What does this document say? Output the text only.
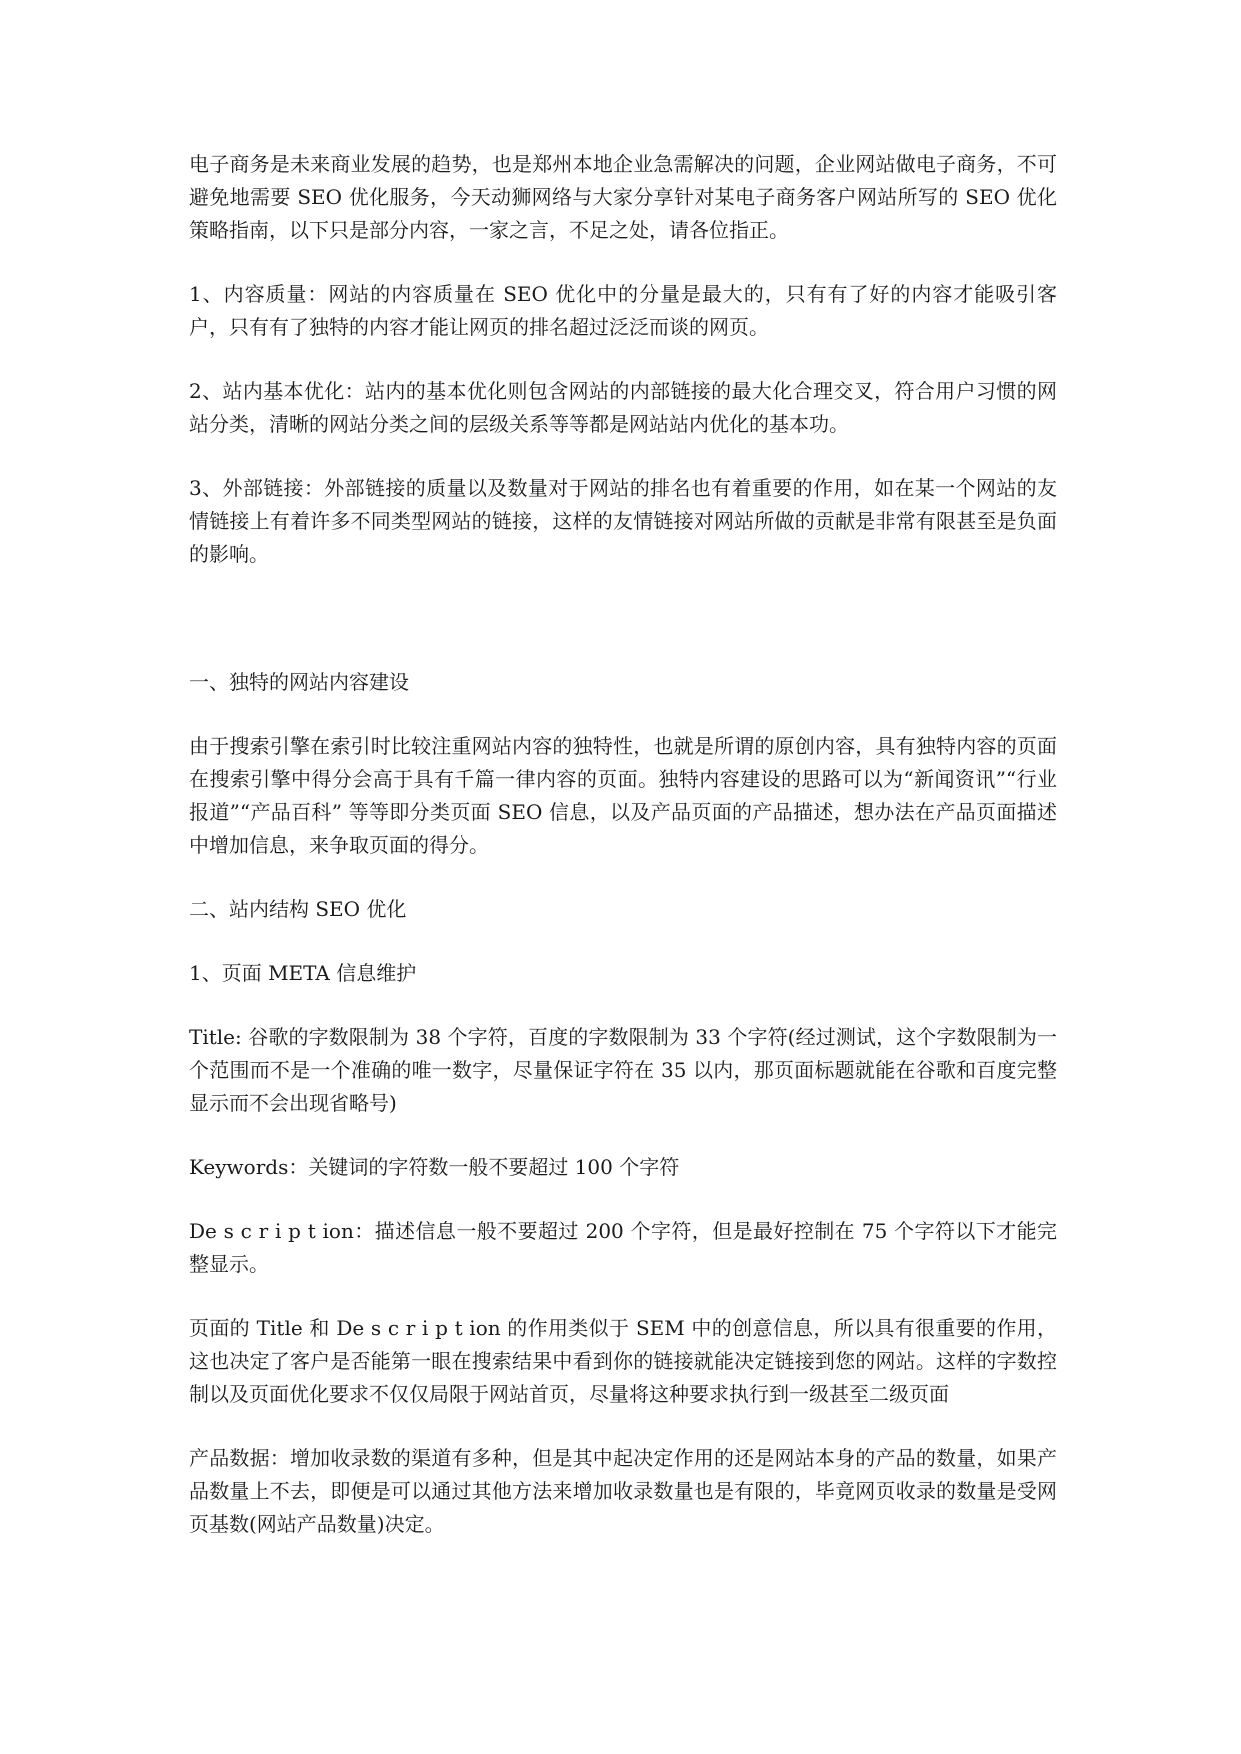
电子商务是未来商业发展的趋势，也是郑州本地企业急需解决的问题，企业网站做电子商务，不可避免地需要 SEO 优化服务，今天动狮网络与大家分享针对某电子商务客户网站所写的 SEO 优化策略指南，以下只是部分内容，一家之言，不足之处，请各位指正。

1、内容质量：网站的内容质量在 SEO 优化中的分量是最大的，只有有了好的内容才能吸引客户，只有有了独特的内容才能让网页的排名超过泛泛而谈的网页。

2、站内基本优化：站内的基本优化则包含网站的内部链接的最大化合理交叉，符合用户习惯的网站分类，清晰的网站分类之间的层级关系等等都是网站站内优化的基本功。

3、外部链接：外部链接的质量以及数量对于网站的排名也有着重要的作用，如在某一个网站的友情链接上有着许多不同类型网站的链接，这样的友情链接对网站所做的贡献是非常有限甚至是负面的影响。

一、独特的网站内容建设

由于搜索引擎在索引时比较注重网站内容的独特性，也就是所谓的原创内容，具有独特内容的页面在搜索引擎中得分会高于具有千篇一律内容的页面。独特内容建设的思路可以为“新闻资讯”“行业报道”“产品百科” 等等即分类页面 SEO 信息，以及产品页面的产品描述，想办法在产品页面描述中增加信息，来争取页面的得分。

二、站内结构 SEO 优化

1、页面 META 信息维护

Title: 谷歌的字数限制为 38 个字符，百度的字数限制为 33 个字符(经过测试，这个字数限制为一个范围而不是一个准确的唯一数字，尽量保证字符在 35 以内，那页面标题就能在谷歌和百度完整显示而不会出现省略号)

Keywords：关键词的字符数一般不要超过 100 个字符

De s c r i p t ion：描述信息一般不要超过 200 个字符，但是最好控制在 75 个字符以下才能完整显示。

页面的 Title 和 De s c r i p t ion 的作用类似于 SEM 中的创意信息，所以具有很重要的作用，这也决定了客户是否能第一眼在搜索结果中看到你的链接就能决定链接到您的网站。这样的字数控制以及页面优化要求不仅仅局限于网站首页，尽量将这种要求执行到一级甚至二级页面

产品数据：增加收录数的渠道有多种，但是其中起决定作用的还是网站本身的产品的数量，如果产品数量上不去，即便是可以通过其他方法来增加收录数量也是有限的，毕竟网页收录的数量是受网页基数(网站产品数量)决定。
